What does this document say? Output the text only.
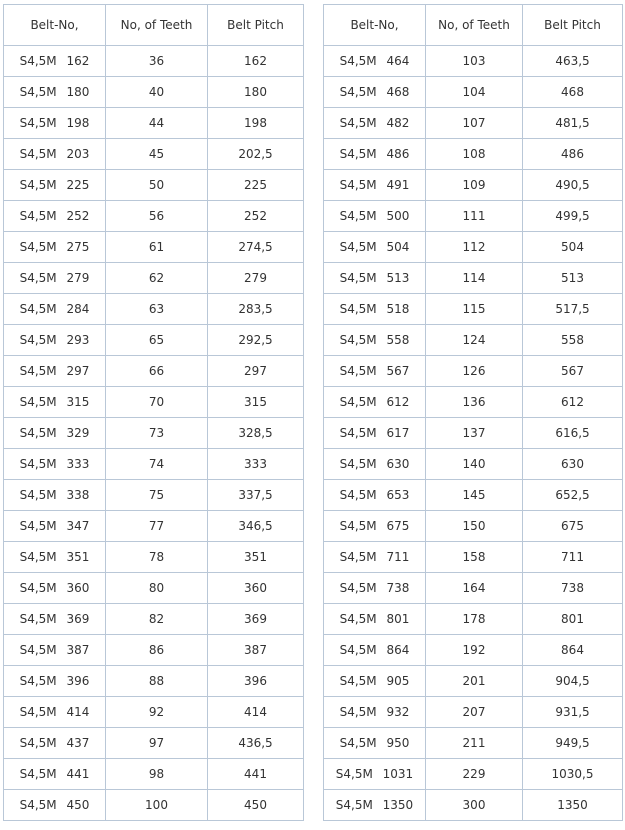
Belt-No,	No, of Teeth	Belt Pitch
S4,5M 162	36	162
S4,5M 180	40	180
S4,5M 198	44	198
S4,5M 203	45	202,5
S4,5M 225	50	225
S4,5M 252	56	252
S4,5M 275	61	274,5
S4,5M 279	62	279
S4,5M 284	63	283,5
S4,5M 293	65	292,5
S4,5M 297	66	297
S4,5M 315	70	315
S4,5M 329	73	328,5
S4,5M 333	74	333
S4,5M 338	75	337,5
S4,5M 347	77	346,5
S4,5M 351	78	351
S4,5M 360	80	360
S4,5M 369	82	369
S4,5M 387	86	387
S4,5M 396	88	396
S4,5M 414	92	414
S4,5M 437	97	436,5
S4,5M 441	98	441
S4,5M 450	100	450
Belt-No,	No, of Teeth	Belt Pitch
S4,5M 464	103	463,5
S4,5M 468	104	468
S4,5M 482	107	481,5
S4,5M 486	108	486
S4,5M 491	109	490,5
S4,5M 500	111	499,5
S4,5M 504	112	504
S4,5M 513	114	513
S4,5M 518	115	517,5
S4,5M 558	124	558
S4,5M 567	126	567
S4,5M 612	136	612
S4,5M 617	137	616,5
S4,5M 630	140	630
S4,5M 653	145	652,5
S4,5M 675	150	675
S4,5M 711	158	711
S4,5M 738	164	738
S4,5M 801	178	801
S4,5M 864	192	864
S4,5M 905	201	904,5
S4,5M 932	207	931,5
S4,5M 950	211	949,5
S4,5M 1031	229	1030,5
S4,5M 1350	300	1350
